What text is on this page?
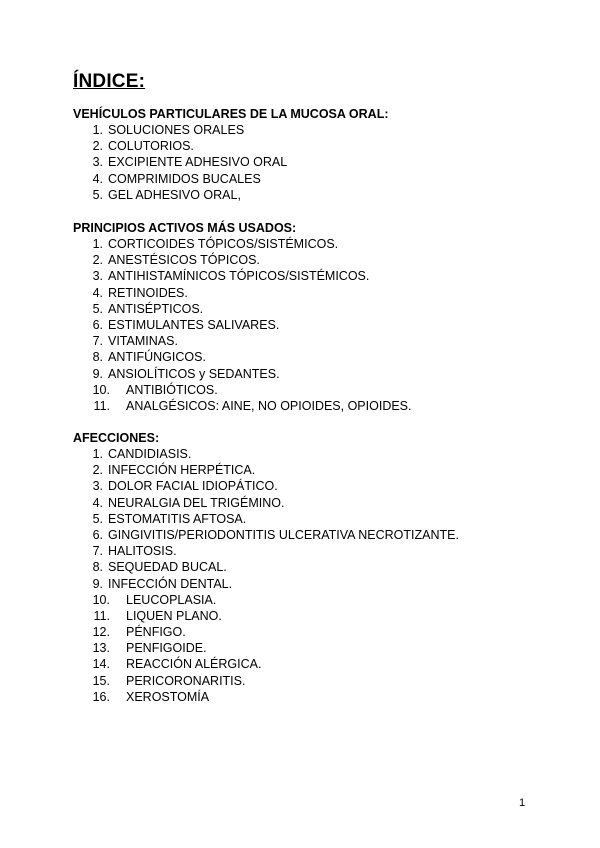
ÍNDICE:
VEHÍCULOS PARTICULARES DE LA MUCOSA ORAL:
1. SOLUCIONES ORALES
2. COLUTORIOS.
3. EXCIPIENTE ADHESIVO ORAL
4. COMPRIMIDOS BUCALES
5. GEL ADHESIVO ORAL,
PRINCIPIOS ACTIVOS MÁS USADOS:
1. CORTICOIDES TÓPICOS/SISTÉMICOS.
2. ANESTÉSICOS TÓPICOS.
3. ANTIHISTAMÍNICOS TÓPICOS/SISTÉMICOS.
4. RETINOIDES.
5. ANTISÉPTICOS.
6. ESTIMULANTES SALIVARES.
7. VITAMINAS.
8. ANTIFÚNGICOS.
9. ANSIOLÍTICOS y SEDANTES.
10. ANTIBIÓTICOS.
11. ANALGÉSICOS: AINE, NO OPIOIDES, OPIOIDES.
AFECCIONES:
1. CANDIDIASIS.
2. INFECCIÓN HERPÉTICA.
3. DOLOR FACIAL IDIOPÁTICO.
4. NEURALGIA DEL TRIGÉMINO.
5. ESTOMATITIS AFTOSA.
6. GINGIVITIS/PERIODONTITIS ULCERATIVA NECROTIZANTE.
7. HALITOSIS.
8. SEQUEDAD BUCAL.
9. INFECCIÓN DENTAL.
10. LEUCOPLASIA.
11. LIQUEN PLANO.
12. PÉNFIGO.
13. PENFIGOIDE.
14. REACCIÓN ALÉRGICA.
15. PERICORONARITIS.
16. XEROSTOMÍA
1
